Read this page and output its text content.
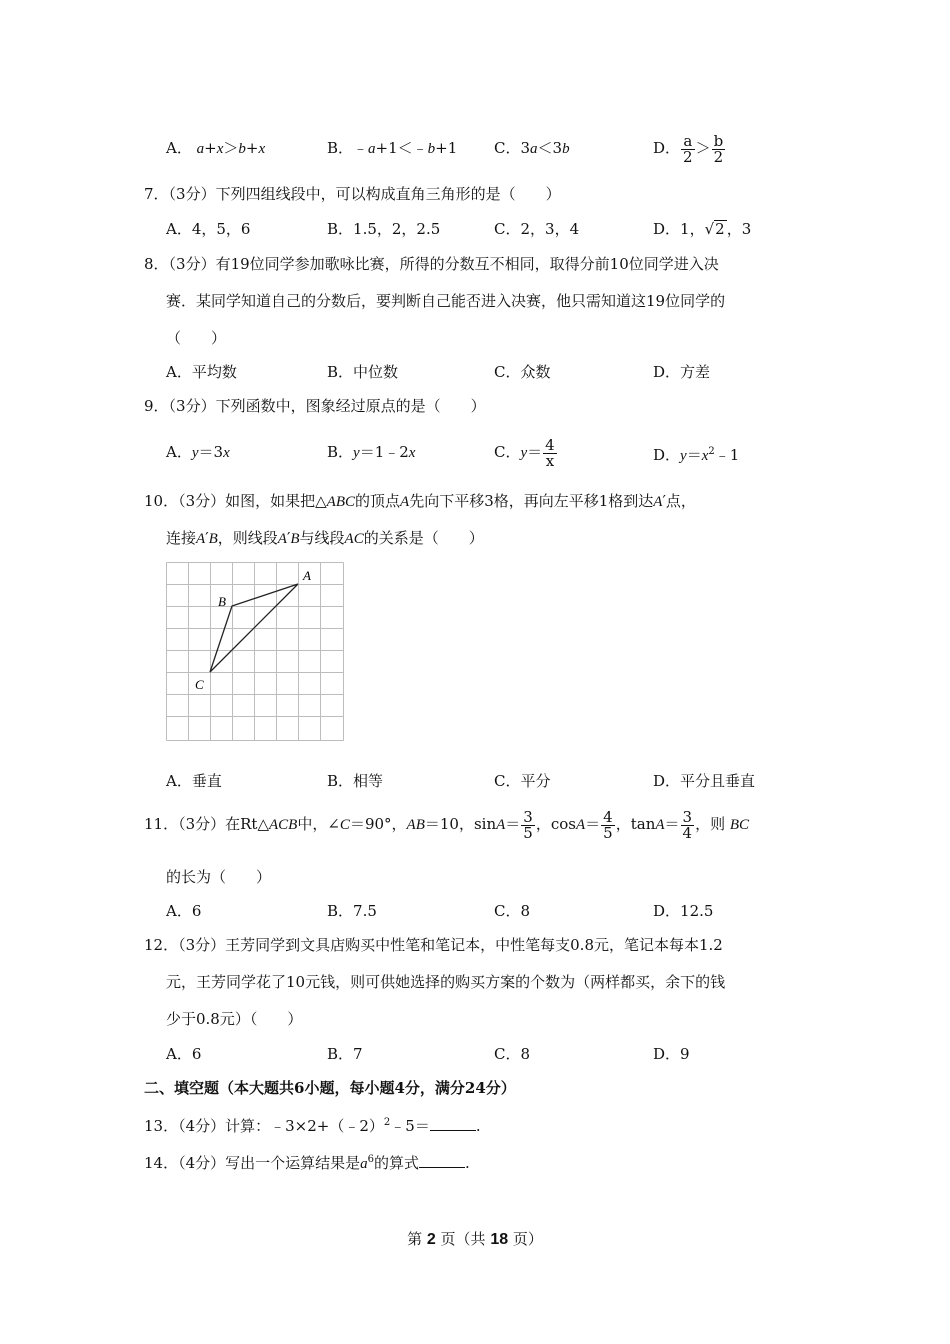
A． a+x＞b+x	B．﹣a+1＜﹣b+1 C．3a＜3b	D． $\frac{a}{2} > \frac{b}{2}$
7．（3分）下列四组线段中，可以构成直角三角形的是（　　）
A．4，5，6	B．1.5，2，2.5	C．2，3，4	D．1，√2 ，3
8．（3分）有19位同学参加歌咏比赛，所得的分数互不相同，取得分前10位同学进入决
赛．某同学知道自己的分数后，要判断自己能否进入决赛，他只需知道这19位同学的
（　　）
A．平均数	B．中位数	C．众数	D．方差
9．（3分）下列函数中，图象经过原点的是（　　）
A．y＝3x	B．y＝1﹣2x	C．$y= \frac{4}{x}$	D．$y=x^2﹣1$
10．（3分）如图，如果把△ABC的顶点A先向下平移3格，再向左平移1格到达A′点，
连接A′B，则线段A′B与线段AC的关系是（　　）
A
B
C
A．垂直	B．相等	C．平分	D．平分且垂直
11．（3分）在Rt△ACB中，∠C＝90°，AB＝10，$\sin A= \frac{3}{5}$ ，$\cos A= \frac{4}{5}$ ，$\tan A= \frac{3}{4}$ ，则 BC
的长为（　　）
A．6	B．7.5	C．8	D．12.5
12．（3分）王芳同学到文具店购买中性笔和笔记本，中性笔每支0.8元，笔记本每本1.2
元，王芳同学花了10元钱，则可供她选择的购买方案的个数为（两样都买，余下的钱
少于0.8元）（　　）
A．6	B．7	C．8	D．9
二、填空题（本大题共6小题，每小题4分，满分24分）
13．（4分）计算：﹣3×2+（﹣2）$^2$﹣5＝	.
14．（4分）写出一个运算结果是$a^6$的算式	.
第 2 页（共 18 页）
